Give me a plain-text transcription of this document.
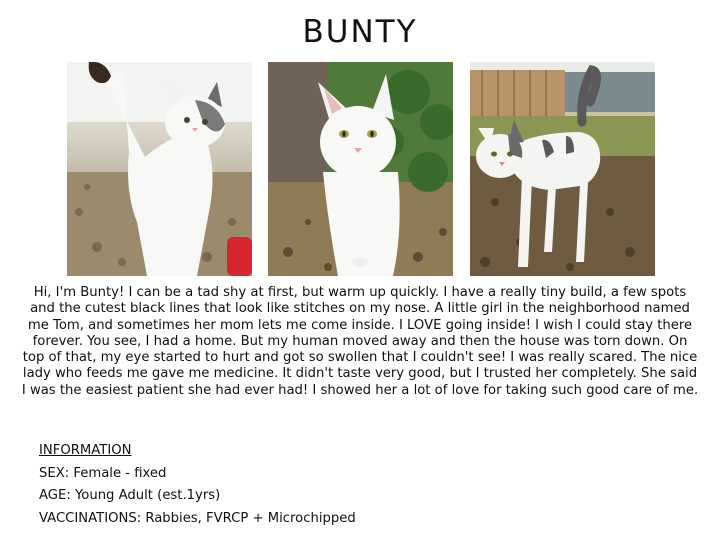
BUNTY

Hi, I'm Bunty! I can be a tad shy at first, but warm up quickly. I have a really tiny build, a few spots and the cutest black lines that look like stitches on my nose. A little girl in the neighborhood named me Tom, and sometimes her mom lets me come inside. I LOVE going inside! I wish I could stay there forever. You see, I had a home. But my human moved away and then the house was torn down. On top of that, my eye started to hurt and got so swollen that I couldn't see! I was really scared. The nice lady who feeds me gave me medicine. It didn't taste very good, but I trusted her completely. She said I was the easiest patient she had ever had! I showed her a lot of love for taking such good care of me.

INFORMATION
SEX: Female - fixed
AGE: Young Adult (est.1yrs)
VACCINATIONS: Rabbies, FVRCP + Microchipped
